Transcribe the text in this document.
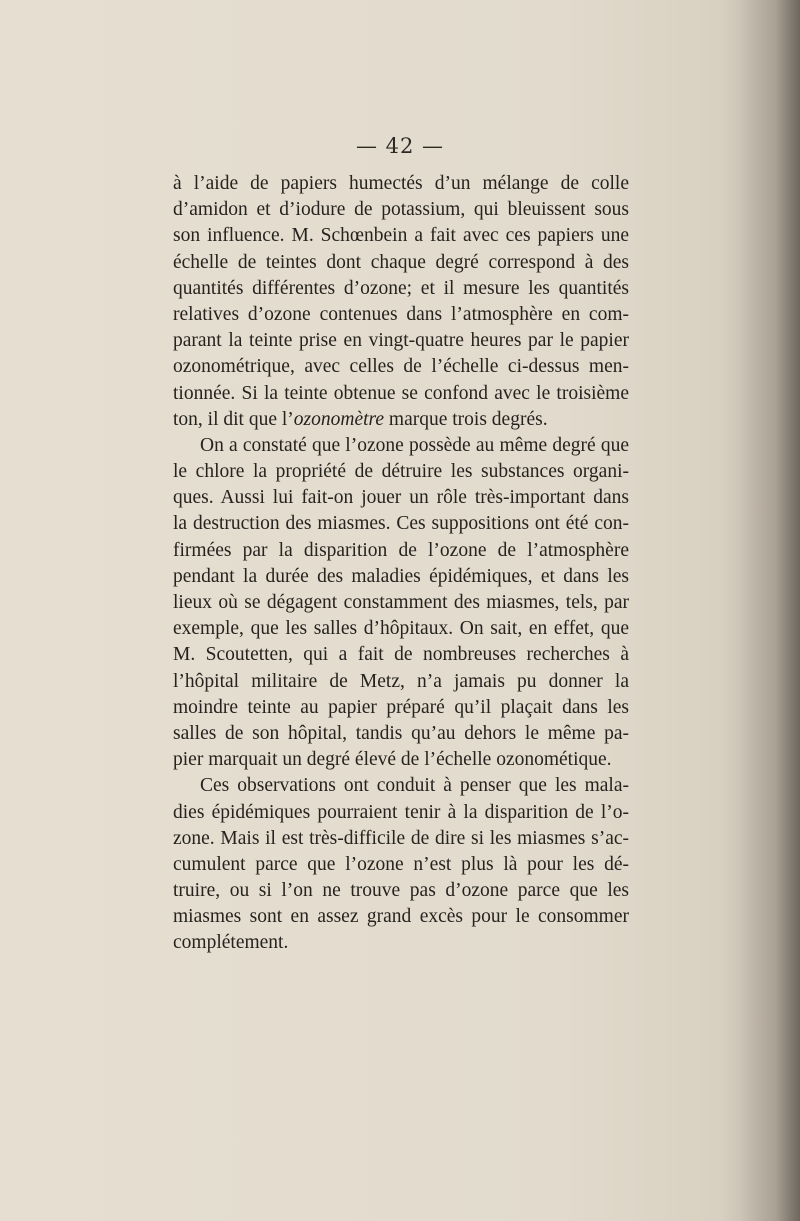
— 42 —
à l’aide de papiers humectés d’un mélange de colle
d’amidon et d’iodure de potassium, qui bleuissent sous
son influence. M. Schœnbein a fait avec ces papiers une
échelle de teintes dont chaque degré correspond à des
quantités différentes d’ozone; et il mesure les quantités
relatives d’ozone contenues dans l’atmosphère en com-
parant la teinte prise en vingt-quatre heures par le papier
ozonométrique, avec celles de l’échelle ci-dessus men-
tionnée. Si la teinte obtenue se confond avec le troisième
ton, il dit que l’ozonomètre marque trois degrés.
On a constaté que l’ozone possède au même degré que
le chlore la propriété de détruire les substances organi-
ques. Aussi lui fait-on jouer un rôle très-important dans
la destruction des miasmes. Ces suppositions ont été con-
firmées par la disparition de l’ozone de l’atmosphère
pendant la durée des maladies épidémiques, et dans les
lieux où se dégagent constamment des miasmes, tels, par
exemple, que les salles d’hôpitaux. On sait, en effet, que
M. Scoutetten, qui a fait de nombreuses recherches à
l’hôpital militaire de Metz, n’a jamais pu donner la
moindre teinte au papier préparé qu’il plaçait dans les
salles de son hôpital, tandis qu’au dehors le même pa-
pier marquait un degré élevé de l’échelle ozonométique.
Ces observations ont conduit à penser que les mala-
dies épidémiques pourraient tenir à la disparition de l’o-
zone. Mais il est très-difficile de dire si les miasmes s’ac-
cumulent parce que l’ozone n’est plus là pour les dé-
truire, ou si l’on ne trouve pas d’ozone parce que les
miasmes sont en assez grand excès pour le consommer
complétement.
